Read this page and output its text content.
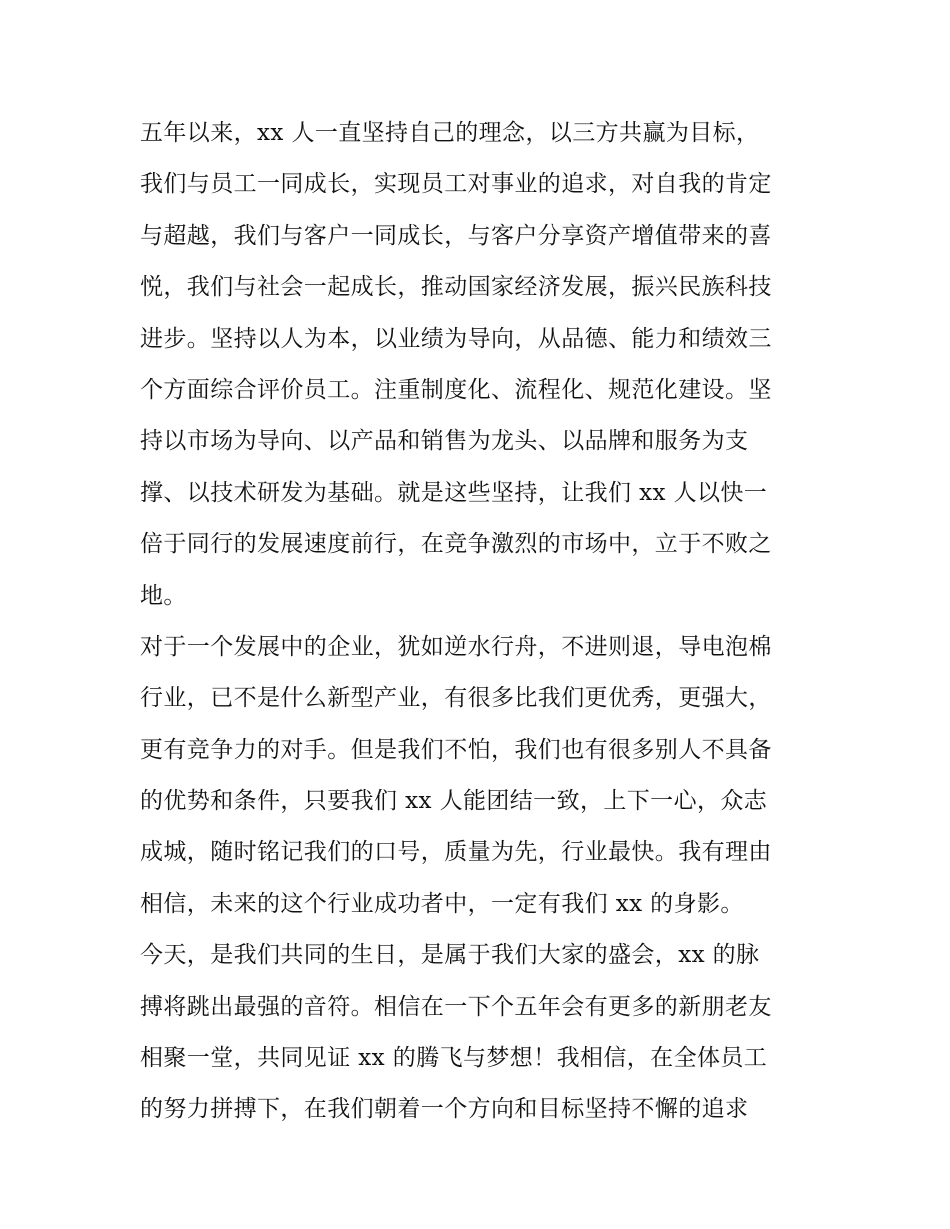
五年以来，xx 人一直坚持自己的理念，以三方共赢为目标，
我们与员工一同成长，实现员工对事业的追求，对自我的肯定
与超越，我们与客户一同成长，与客户分享资产增值带来的喜
悦，我们与社会一起成长，推动国家经济发展，振兴民族科技
进步。坚持以人为本，以业绩为导向，从品德、能力和绩效三
个方面综合评价员工。注重制度化、流程化、规范化建设。坚
持以市场为导向、以产品和销售为龙头、以品牌和服务为支
撑、以技术研发为基础。就是这些坚持，让我们 xx 人以快一
倍于同行的发展速度前行，在竞争激烈的市场中，立于不败之
地。
对于一个发展中的企业，犹如逆水行舟，不进则退，导电泡棉
行业，已不是什么新型产业，有很多比我们更优秀，更强大，
更有竞争力的对手。但是我们不怕，我们也有很多别人不具备
的优势和条件，只要我们 xx 人能团结一致，上下一心，众志
成城，随时铭记我们的口号，质量为先，行业最快。我有理由
相信，未来的这个行业成功者中，一定有我们 xx 的身影。
今天，是我们共同的生日，是属于我们大家的盛会，xx 的脉
搏将跳出最强的音符。相信在一下个五年会有更多的新朋老友
相聚一堂，共同见证 xx 的腾飞与梦想！我相信，在全体员工
的努力拼搏下，在我们朝着一个方向和目标坚持不懈的追求
